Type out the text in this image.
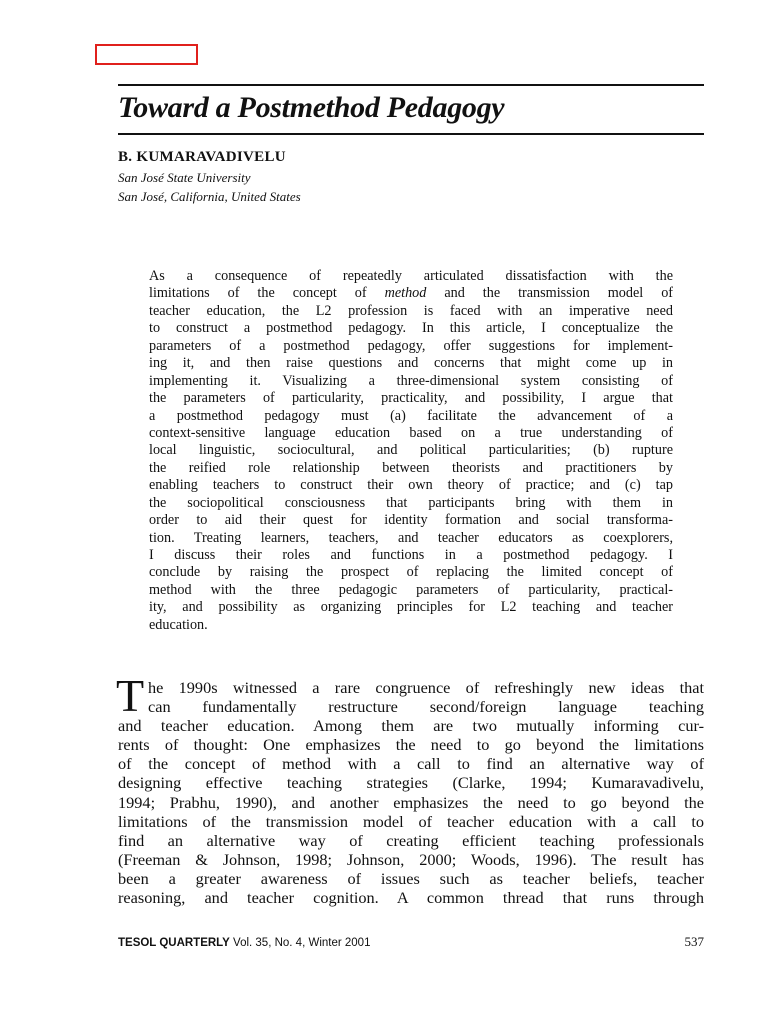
Toward a Postmethod Pedagogy
B. KUMARAVADIVELU
San José State University
San José, California, United States
As a consequence of repeatedly articulated dissatisfaction with the
limitations of the concept of method and the transmission model of
teacher education, the L2 profession is faced with an imperative need
to construct a postmethod pedagogy. In this article, I conceptualize the
parameters of a postmethod pedagogy, offer suggestions for implement-
ing it, and then raise questions and concerns that might come up in
implementing it. Visualizing a three-dimensional system consisting of
the parameters of particularity, practicality, and possibility, I argue that
a postmethod pedagogy must (a) facilitate the advancement of a
context-sensitive language education based on a true understanding of
local linguistic, sociocultural, and political particularities; (b) rupture
the reified role relationship between theorists and practitioners by
enabling teachers to construct their own theory of practice; and (c) tap
the sociopolitical consciousness that participants bring with them in
order to aid their quest for identity formation and social transforma-
tion. Treating learners, teachers, and teacher educators as coexplorers,
I discuss their roles and functions in a postmethod pedagogy. I
conclude by raising the prospect of replacing the limited concept of
method with the three pedagogic parameters of particularity, practical-
ity, and possibility as organizing principles for L2 teaching and teacher
education.
T he 1990s witnessed a rare congruence of refreshingly new ideas that
can fundamentally restructure second/foreign language teaching
and teacher education. Among them are two mutually informing cur-
rents of thought: One emphasizes the need to go beyond the limitations
of the concept of method with a call to find an alternative way of
designing effective teaching strategies (Clarke, 1994; Kumaravadivelu,
1994; Prabhu, 1990), and another emphasizes the need to go beyond the
limitations of the transmission model of teacher education with a call to
find an alternative way of creating efficient teaching professionals
(Freeman & Johnson, 1998; Johnson, 2000; Woods, 1996). The result has
been a greater awareness of issues such as teacher beliefs, teacher
reasoning, and teacher cognition. A common thread that runs through
TESOL QUARTERLY Vol. 35, No. 4, Winter 2001	537
